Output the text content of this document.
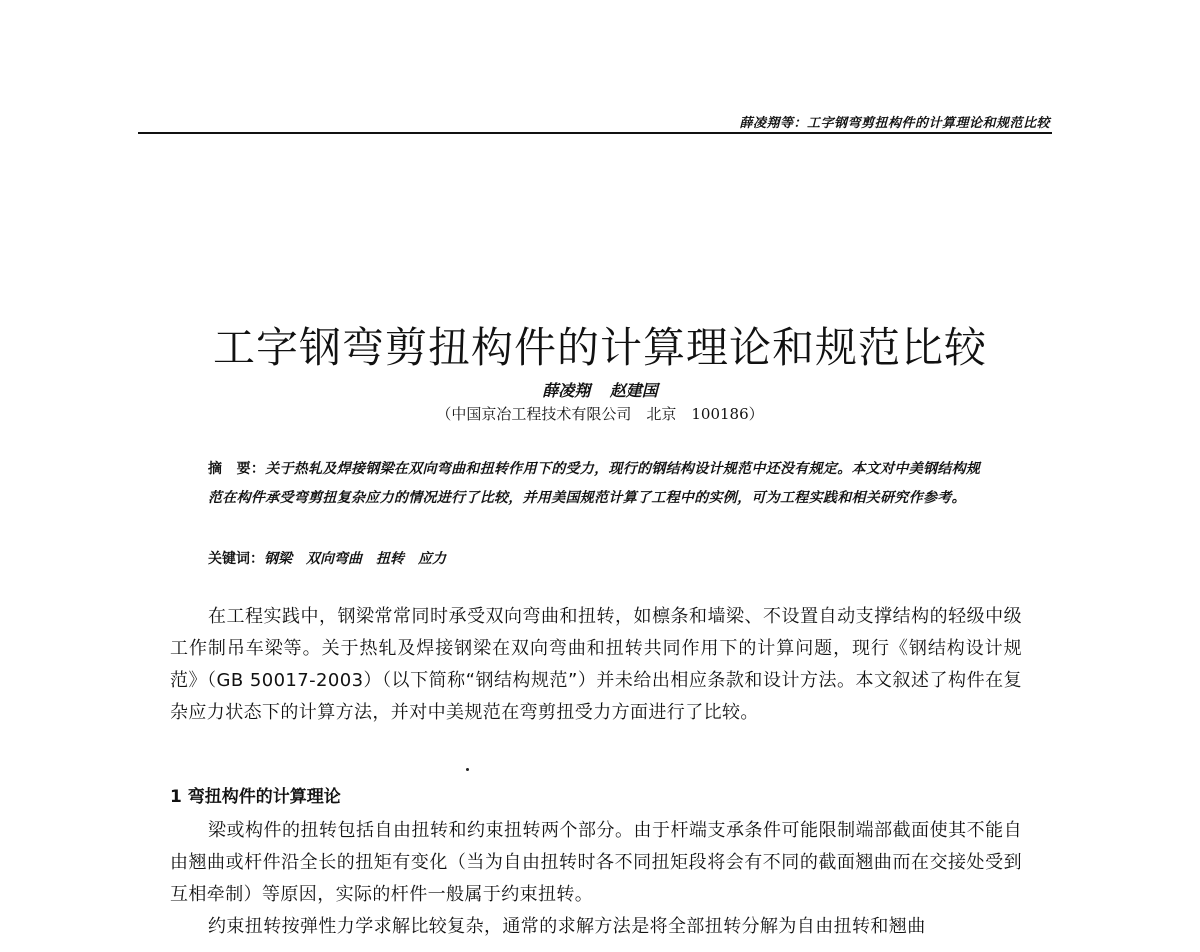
薛凌翔等：工字钢弯剪扭构件的计算理论和规范比较
工字钢弯剪扭构件的计算理论和规范比较
薛凌翔 赵建国
（中国京冶工程技术有限公司　北京　100186）
摘　要：关于热轧及焊接钢梁在双向弯曲和扭转作用下的受力，现行的钢结构设计规范中还没有规定。本文对中美钢结构规范在构件承受弯剪扭复杂应力的情况进行了比较，并用美国规范计算了工程中的实例，可为工程实践和相关研究作参考。
关键词：钢梁　双向弯曲　扭转　应力

在工程实践中，钢梁常常同时承受双向弯曲和扭转，如檩条和墙梁、不设置自动支撑结构的轻级中级工作制吊车梁等。关于热轧及焊接钢梁在双向弯曲和扭转共同作用下的计算问题，现行《钢结构设计规范》（GB 50017-2003）（以下简称“钢结构规范”）并未给出相应条款和设计方法。本文叙述了构件在复杂应力状态下的计算方法，并对中美规范在弯剪扭受力方面进行了比较。

1 弯扭构件的计算理论

梁或构件的扭转包括自由扭转和约束扭转两个部分。由于杆端支承条件可能限制端部截面使其不能自由翘曲或杆件沿全长的扭矩有变化（当为自由扭转时各不同扭矩段将会有不同的截面翘曲而在交接处受到互相牵制）等原因，实际的杆件一般属于约束扭转。

约束扭转按弹性力学求解比较复杂，通常的求解方法是将全部扭转分解为自由扭转和翘曲
